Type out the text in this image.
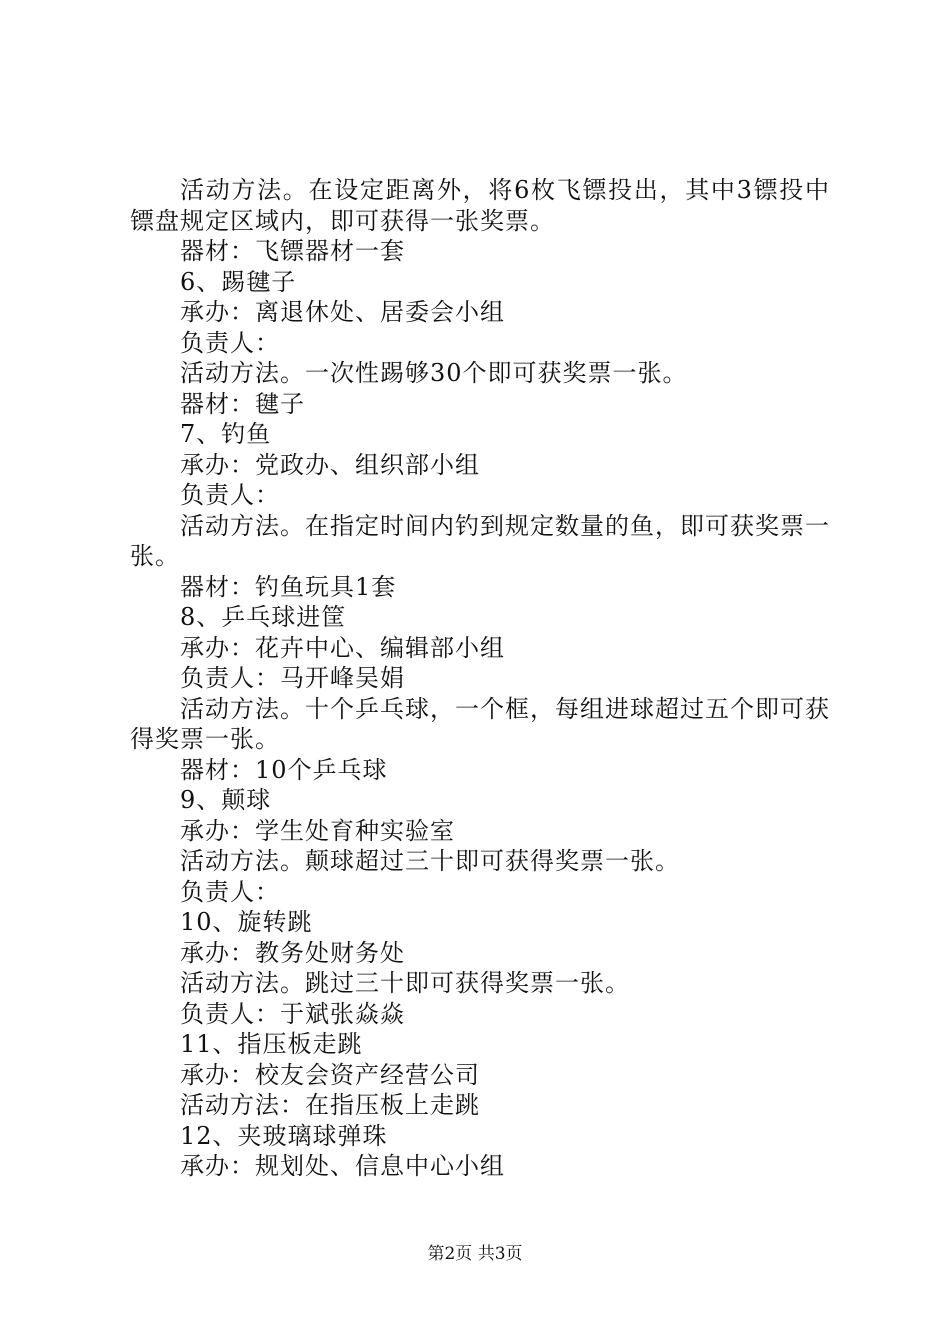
活动方法。在设定距离外，将6枚飞镖投出，其中3镖投中镖盘规定区域内，即可获得一张奖票。

器材：飞镖器材一套

6、踢毽子

承办：离退休处、居委会小组

负责人：

活动方法。一次性踢够30个即可获奖票一张。

器材：毽子

7、钓鱼

承办：党政办、组织部小组

负责人：

活动方法。在指定时间内钓到规定数量的鱼，即可获奖票一张。

器材：钓鱼玩具1套

8、乒乓球进筐

承办：花卉中心、编辑部小组

负责人：马开峰吴娟

活动方法。十个乒乓球，一个框，每组进球超过五个即可获得奖票一张。

器材：10个乒乓球

9、颠球

承办：学生处育种实验室

活动方法。颠球超过三十即可获得奖票一张。

负责人：

10、旋转跳

承办：教务处财务处

活动方法。跳过三十即可获得奖票一张。

负责人：于斌张焱焱

11、指压板走跳

承办：校友会资产经营公司

活动方法：在指压板上走跳

12、夹玻璃球弹珠

承办：规划处、信息中心小组

第2页 共3页
